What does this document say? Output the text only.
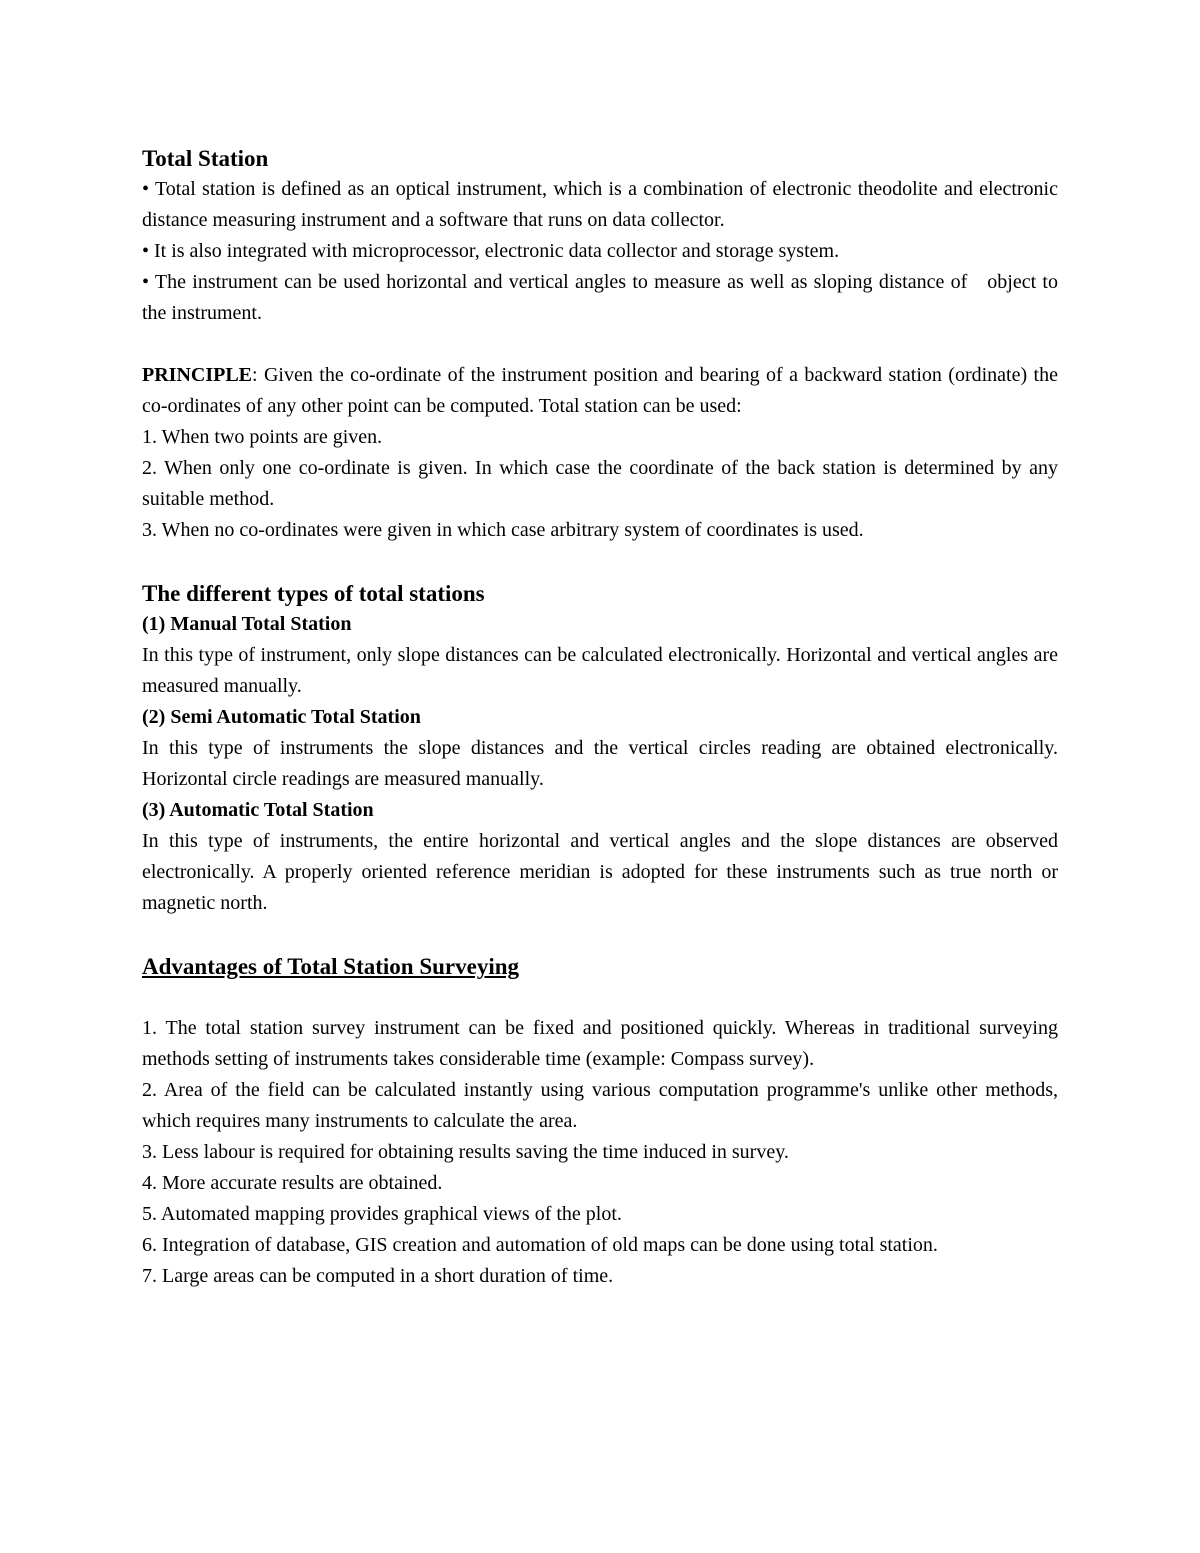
Total Station

• Total station is defined as an optical instrument, which is a combination of electronic theodolite and electronic distance measuring instrument and a software that runs on data collector.

• It is also integrated with microprocessor, electronic data collector and storage system.

• The instrument can be used horizontal and vertical angles to measure as well as sloping distance of object to the instrument.

PRINCIPLE: Given the co-ordinate of the instrument position and bearing of a backward station (ordinate) the co-ordinates of any other point can be computed. Total station can be used:

1. When two points are given.

2. When only one co-ordinate is given. In which case the coordinate of the back station is determined by any suitable method.

3. When no co-ordinates were given in which case arbitrary system of coordinates is used.

The different types of total stations
(1) Manual Total Station

In this type of instrument, only slope distances can be calculated electronically. Horizontal and vertical angles are measured manually.

(2) Semi Automatic Total Station

In this type of instruments the slope distances and the vertical circles reading are obtained electronically. Horizontal circle readings are measured manually.

(3) Automatic Total Station

In this type of instruments, the entire horizontal and vertical angles and the slope distances are observed electronically. A properly oriented reference meridian is adopted for these instruments such as true north or magnetic north.

Advantages of Total Station Surveying

1. The total station survey instrument can be fixed and positioned quickly. Whereas in traditional surveying methods setting of instruments takes considerable time (example: Compass survey).

2. Area of the field can be calculated instantly using various computation programme's unlike other methods, which requires many instruments to calculate the area.

3. Less labour is required for obtaining results saving the time induced in survey.

4. More accurate results are obtained.

5. Automated mapping provides graphical views of the plot.

6. Integration of database, GIS creation and automation of old maps can be done using total station.

7. Large areas can be computed in a short duration of time.
